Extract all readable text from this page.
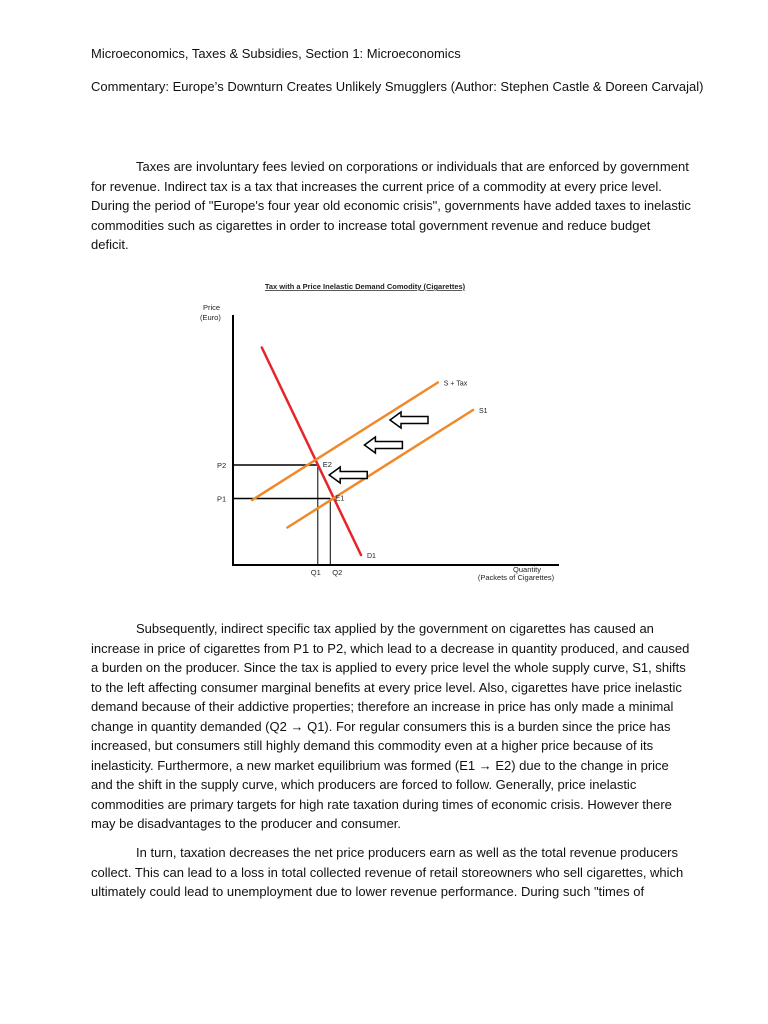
Microeconomics, Taxes & Subsidies, Section 1: Microeconomics
Commentary: Europe’s Downturn Creates Unlikely Smugglers (Author: Stephen Castle & Doreen Carvajal)

Taxes are involuntary fees levied on corporations or individuals that are enforced by government for revenue. Indirect tax is a tax that increases the current price of a commodity at every price level. During the period of "Europe's four year old economic crisis", governments have added taxes to inelastic commodities such as cigarettes in order to increase total government revenue and reduce budget deficit.

Tax with a Price Inelastic Demand Comodity (Cigarettes)
Price
(Euro)
Quantity
(Packets of Cigarettes)
D1
S1
S + Tax
E2
E1
P2
P1
Q1 Q2

Subsequently, indirect specific tax applied by the government on cigarettes has caused an increase in price of cigarettes from P1 to P2, which lead to a decrease in quantity produced, and caused a burden on the producer. Since the tax is applied to every price level the whole supply curve, S1, shifts to the left affecting consumer marginal benefits at every price level. Also, cigarettes have price inelastic demand because of their addictive properties; therefore an increase in price has only made a minimal change in quantity demanded (Q2 → Q1). For regular consumers this is a burden since the price has increased, but consumers still highly demand this commodity even at a higher price because of its inelasticity. Furthermore, a new market equilibrium was formed (E1 → E2) due to the change in price and the shift in the supply curve, which producers are forced to follow. Generally, price inelastic commodities are primary targets for high rate taxation during times of economic crisis. However there may be disadvantages to the producer and consumer.

In turn, taxation decreases the net price producers earn as well as the total revenue producers collect. This can lead to a loss in total collected revenue of retail storeowners who sell cigarettes, which ultimately could lead to unemployment due to lower revenue performance. During such "times of
